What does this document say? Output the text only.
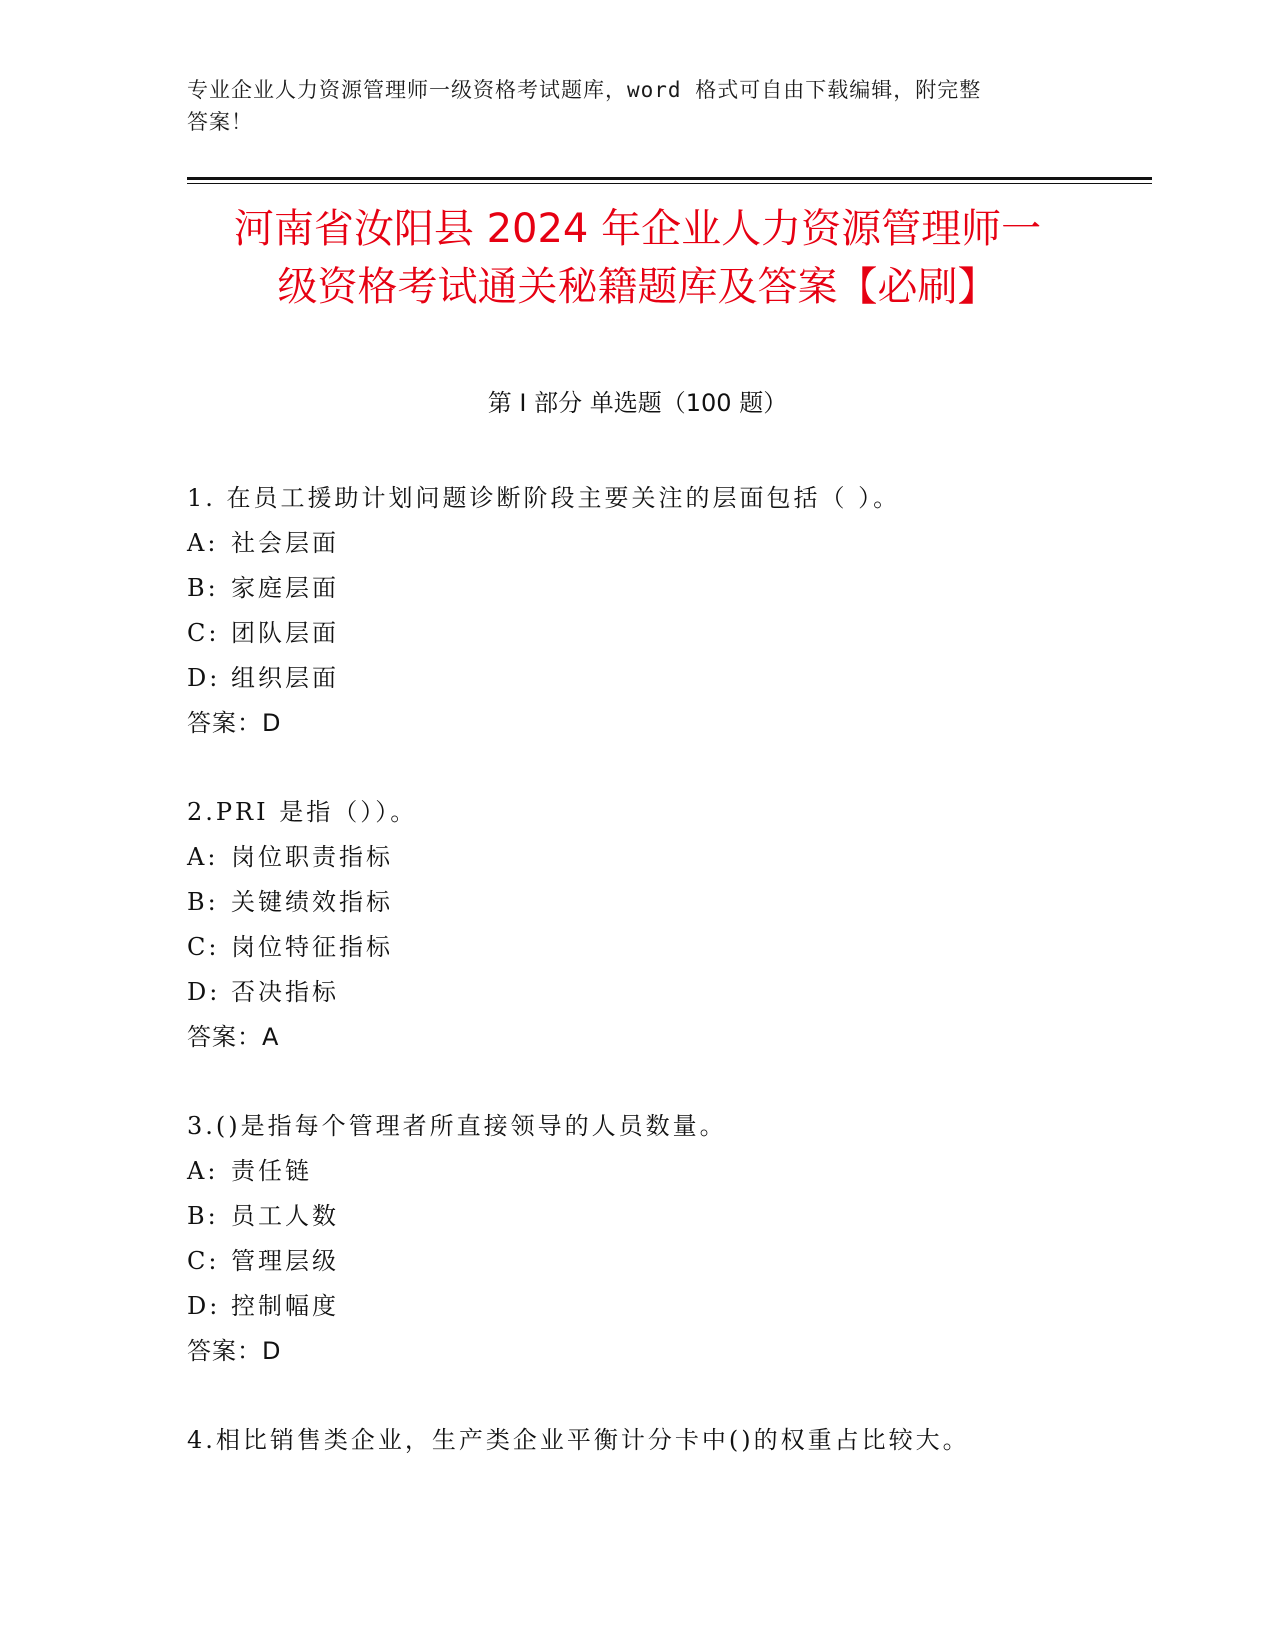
专业企业人力资源管理师一级资格考试题库，word 格式可自由下载编辑，附完整
答案！
河南省汝阳县 2024 年企业人力资源管理师一
级资格考试通关秘籍题库及答案【必刷】
第 I 部分 单选题（100 题）
1. 在员工援助计划问题诊断阶段主要关注的层面包括（ ）。
A: 社会层面
B: 家庭层面
C: 团队层面
D: 组织层面
答案：D
2.PRI 是指（））。
A: 岗位职责指标
B: 关键绩效指标
C: 岗位特征指标
D: 否决指标
答案：A
3.()是指每个管理者所直接领导的人员数量。
A: 责任链
B: 员工人数
C: 管理层级
D: 控制幅度
答案：D
4.相比销售类企业，生产类企业平衡计分卡中()的权重占比较大。
